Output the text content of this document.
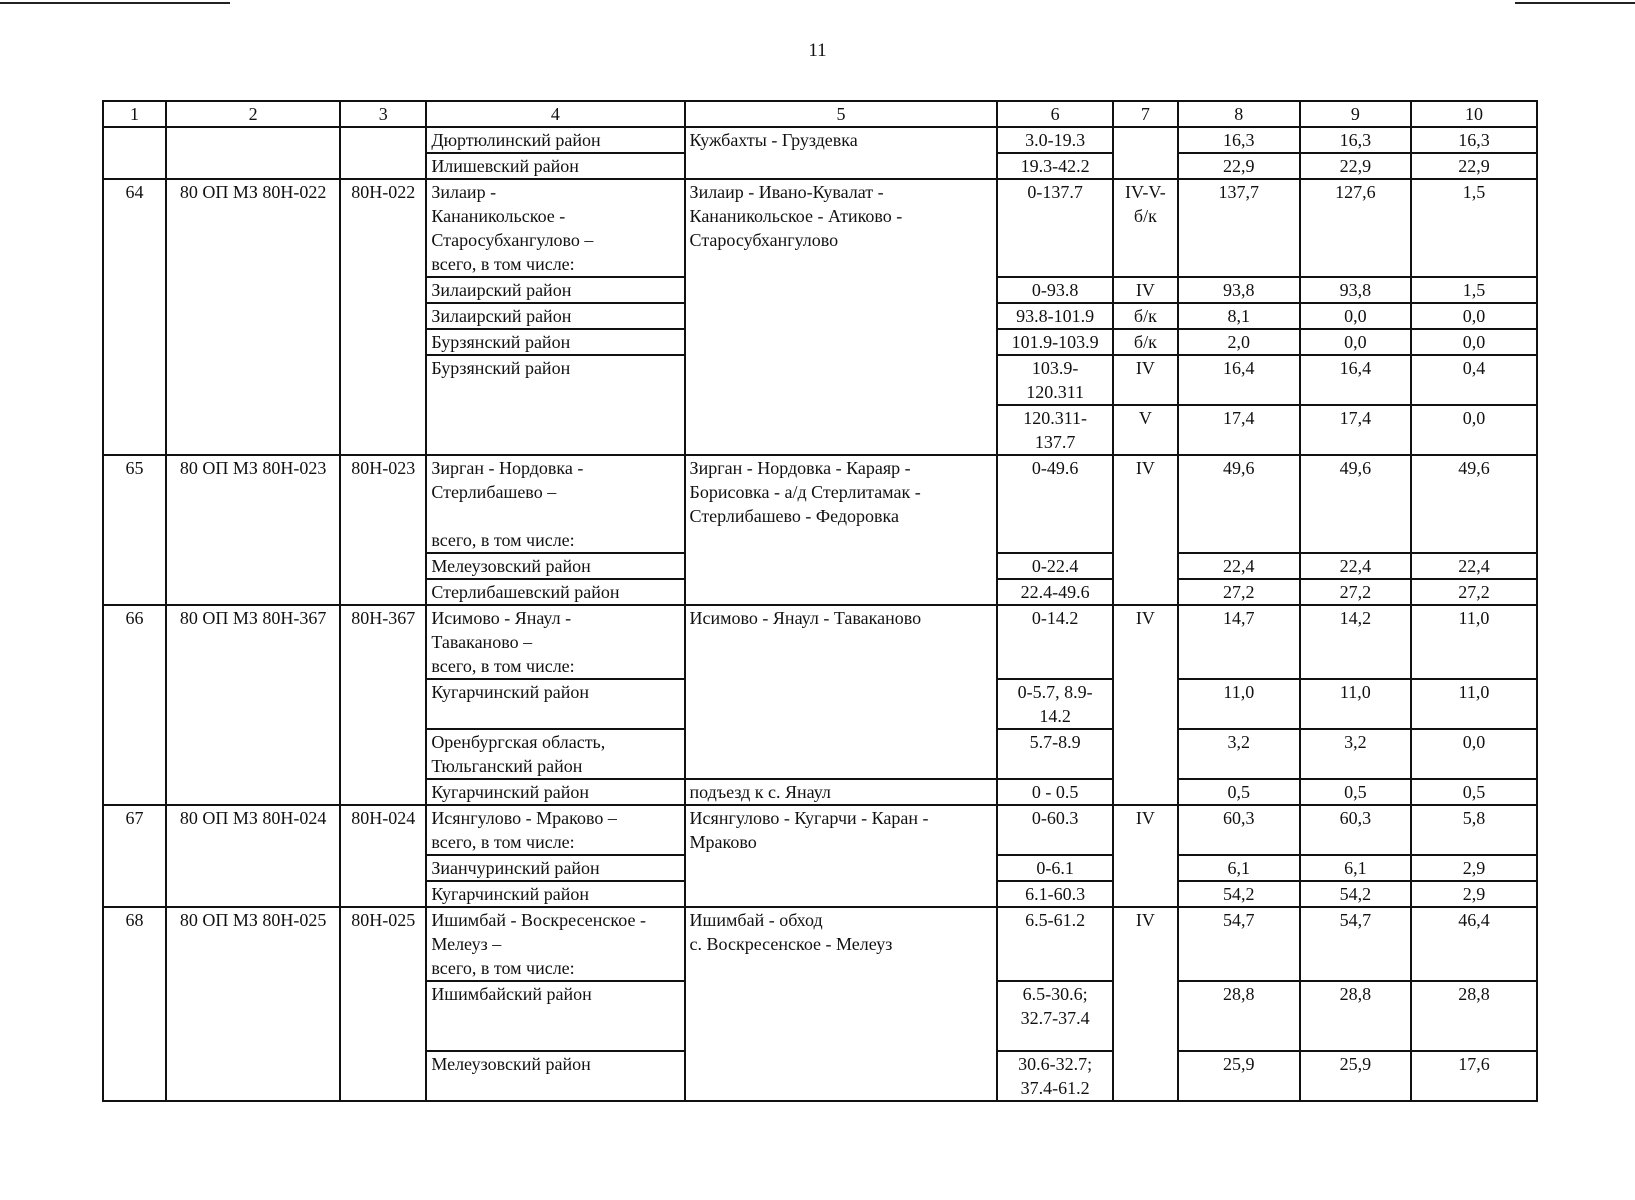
11
1	2	3	4	5	6	7	8	9	10
			Дюртюлинский район	Кужбахты - Груздевка	3.0-19.3		16,3	16,3	16,3
			Илишевский район		19.3-42.2		22,9	22,9	22,9
64	80 ОП МЗ 80Н-022	80Н-022	Зилаир -
Кананикольское -
Старосубхангулово –
всего, в том числе:	Зилаир - Ивано-Кувалат -
Кананикольское - Атиково -
Старосубхангулово	0-137.7	IV-V-
б/к	137,7	127,6	1,5
			Зилаирский район		0-93.8	IV	93,8	93,8	1,5
			Зилаирский район		93.8-101.9	б/к	8,1	0,0	0,0
			Бурзянский район		101.9-103.9	б/к	2,0	0,0	0,0
			Бурзянский район		103.9-
120.311	IV	16,4	16,4	0,4
					120.311-
137.7	V	17,4	17,4	0,0
65	80 ОП МЗ 80Н-023	80Н-023	Зирган - Нордовка -
Стерлибашево –

всего, в том числе:	Зирган - Нордовка - Караяр -
Борисовка - а/д Стерлитамак -
Стерлибашево - Федоровка	0-49.6	IV	49,6	49,6	49,6
			Мелеузовский район		0-22.4		22,4	22,4	22,4
			Стерлибашевский район		22.4-49.6		27,2	27,2	27,2
66	80 ОП МЗ 80Н-367	80Н-367	Исимово - Янаул -
Таваканово –
всего, в том числе:	Исимово - Янаул - Таваканово	0-14.2	IV	14,7	14,2	11,0
			Кугарчинский район		0-5.7, 8.9-
14.2		11,0	11,0	11,0
			Оренбургская область,
Тюльганский район		5.7-8.9		3,2	3,2	0,0
			Кугарчинский район	подъезд к с. Янаул	0 - 0.5		0,5	0,5	0,5
67	80 ОП МЗ 80Н-024	80Н-024	Исянгулово - Мраково –
всего, в том числе:	Исянгулово - Кугарчи - Каран -
Мраково	0-60.3	IV	60,3	60,3	5,8
			Зианчуринский район		0-6.1		6,1	6,1	2,9
			Кугарчинский район		6.1-60.3		54,2	54,2	2,9
68	80 ОП МЗ 80Н-025	80Н-025	Ишимбай - Воскресенское -
Мелеуз –
всего, в том числе:	Ишимбай - обход
с. Воскресенское - Мелеуз	6.5-61.2	IV	54,7	54,7	46,4
			Ишимбайский район		6.5-30.6;
32.7-37.4		28,8	28,8	28,8
			Мелеузовский район		30.6-32.7;
37.4-61.2		25,9	25,9	17,6
